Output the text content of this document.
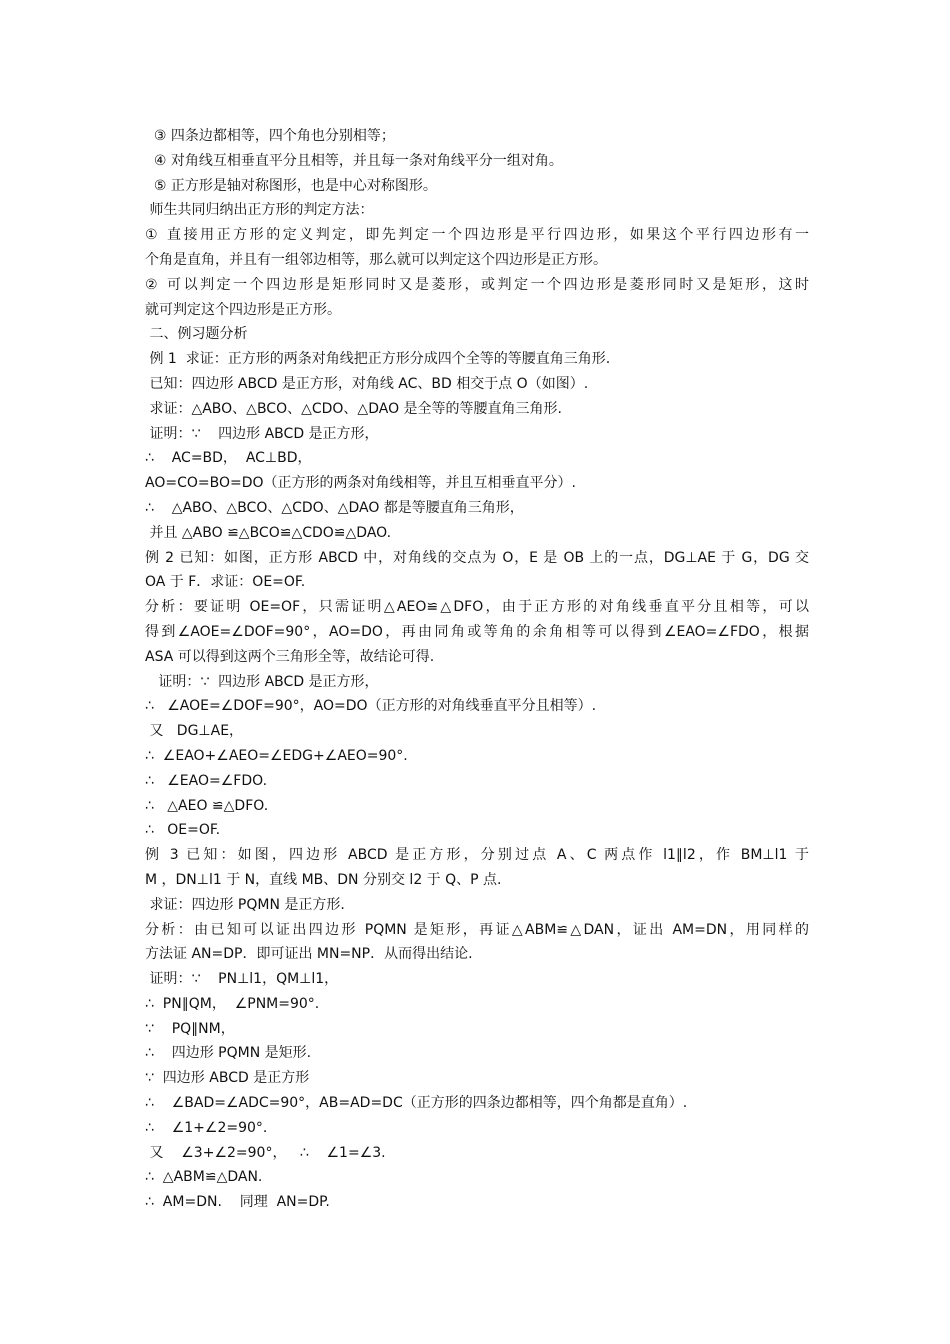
③ 四条边都相等，四个角也分别相等；
④ 对角线互相垂直平分且相等，并且每一条对角线平分一组对角。
⑤ 正方形是轴对称图形，也是中心对称图形。
师生共同归纳出正方形的判定方法：
① 直接用正方形的定义判定，即先判定一个四边形是平行四边形，如果这个平行四边形有一
个角是直角，并且有一组邻边相等，那么就可以判定这个四边形是正方形。
② 可以判定一个四边形是矩形同时又是菱形，或判定一个四边形是菱形同时又是矩形，这时
就可判定这个四边形是正方形。
二、例习题分析
例 1  求证：正方形的两条对角线把正方形分成四个全等的等腰直角三角形.
已知：四边形 ABCD 是正方形，对角线 AC、BD 相交于点 O（如图）.
求证：△ABO、△BCO、△CDO、△DAO 是全等的等腰直角三角形.
证明：∵    四边形 ABCD 是正方形，
∴    AC=BD，  AC⊥BD，
AO=CO=BO=DO（正方形的两条对角线相等，并且互相垂直平分）.
∴    △ABO、△BCO、△CDO、△DAO 都是等腰直角三角形，
并且 △ABO ≌△BCO≌△CDO≌△DAO.
例 2 已知：如图，正方形 ABCD 中，对角线的交点为 O，E 是 OB 上的一点，DG⊥AE 于 G，DG 交
OA 于 F．求证：OE=OF.
分析：要证明 OE=OF，只需证明△AEO≌△DFO，由于正方形的对角线垂直平分且相等，可以
得到∠AOE=∠DOF=90°，AO=DO，再由同角或等角的余角相等可以得到∠EAO=∠FDO，根据
ASA 可以得到这两个三角形全等，故结论可得.
证明：∵  四边形 ABCD 是正方形，
∴   ∠AOE=∠DOF=90°，AO=DO（正方形的对角线垂直平分且相等）.
又   DG⊥AE，
∴  ∠EAO+∠AEO=∠EDG+∠AEO=90°.
∴   ∠EAO=∠FDO.
∴   △AEO ≌△DFO.
∴   OE=OF.
例 3 已知：如图，四边形 ABCD 是正方形，分别过点 A、C 两点作 l1∥l2，作 BM⊥l1 于
M ，DN⊥l1 于 N，直线 MB、DN 分别交 l2 于 Q、P 点.
求证：四边形 PQMN 是正方形.
分析：由已知可以证出四边形 PQMN 是矩形，再证△ABM≌△DAN，证出 AM=DN，用同样的
方法证 AN=DP．即可证出 MN=NP．从而得出结论.
证明：∵    PN⊥l1，QM⊥l1，
∴  PN∥QM，  ∠PNM=90°.
∵    PQ∥NM，
∴    四边形 PQMN 是矩形.
∵  四边形 ABCD 是正方形
∴    ∠BAD=∠ADC=90°，AB=AD=DC（正方形的四条边都相等，四个角都是直角）.
∴    ∠1+∠2=90°.
又    ∠3+∠2=90°，   ∴    ∠1=∠3.
∴  △ABM≌△DAN.
∴  AM=DN.    同理  AN=DP.
